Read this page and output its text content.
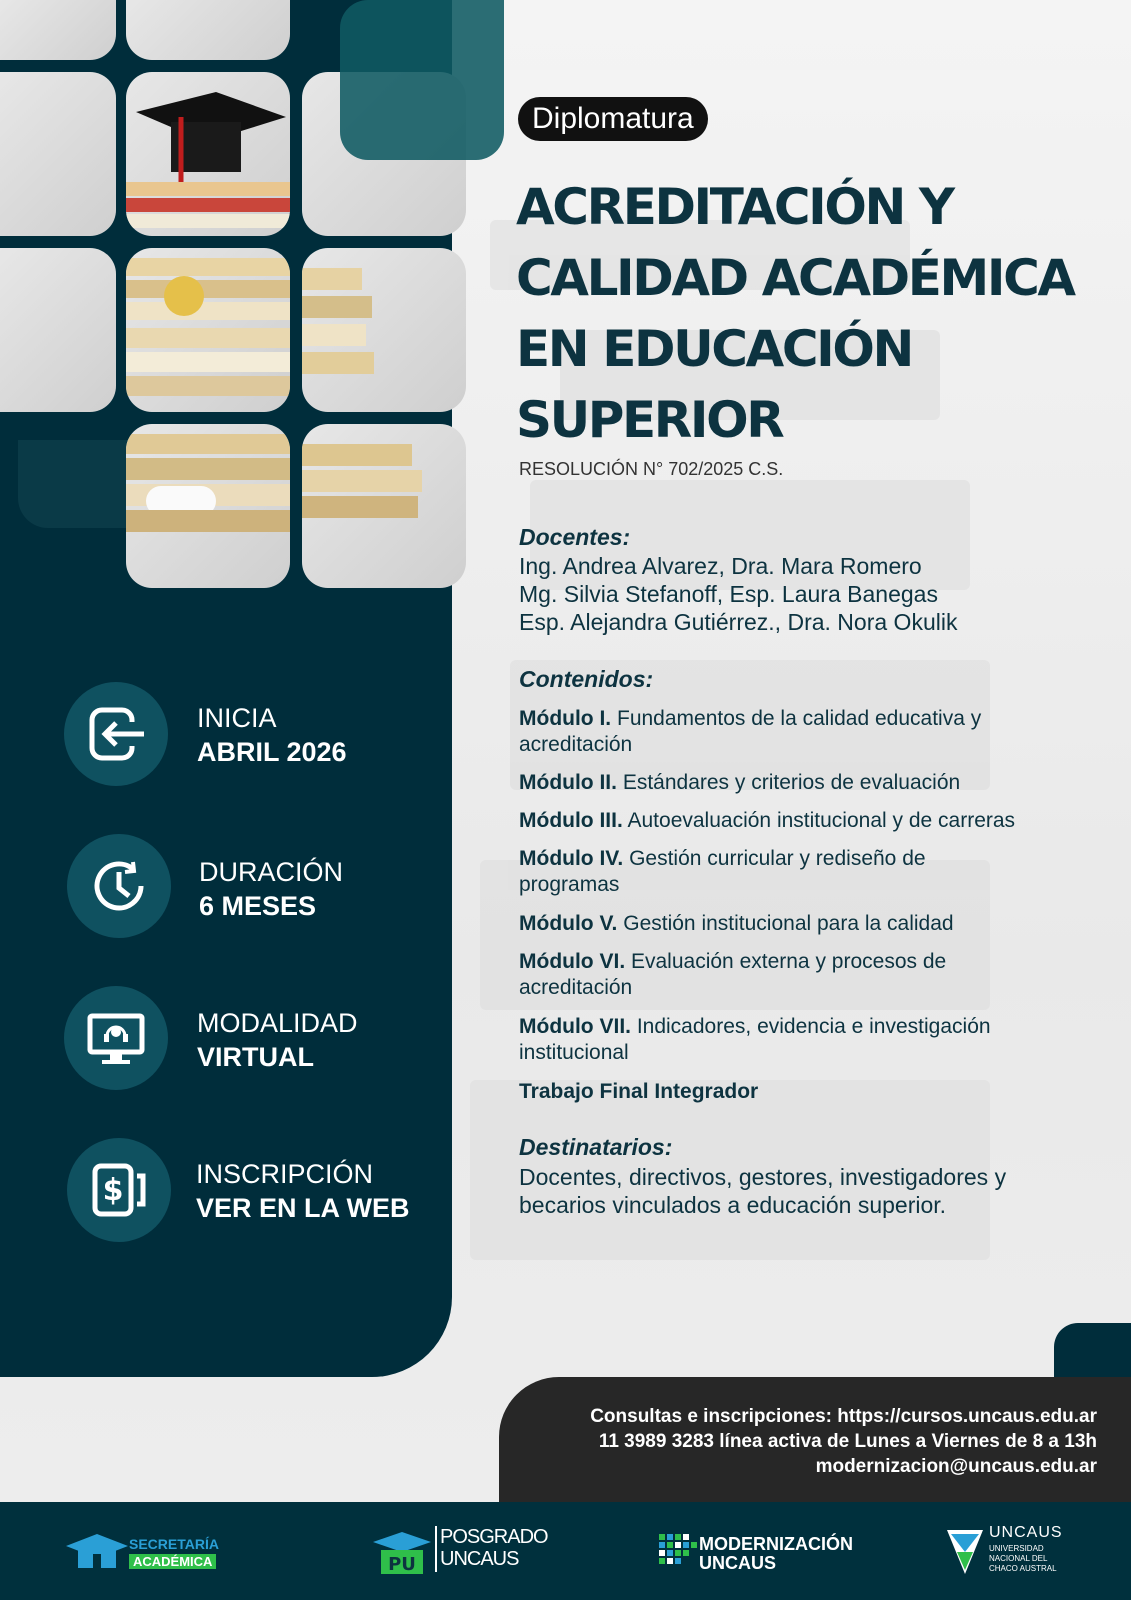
Diplomatura
ACREDITACIÓN Y
CALIDAD ACADÉMICA
EN EDUCACIÓN
SUPERIOR
RESOLUCIÓN N° 702/2025 C.S.
Docentes:
Ing. Andrea Alvarez, Dra. Mara Romero
Mg. Silvia Stefanoff, Esp. Laura Banegas
Esp. Alejandra Gutiérrez., Dra. Nora Okulik
Contenidos:
Módulo I. Fundamentos de la calidad educativa y
acreditación
Módulo II. Estándares y criterios de evaluación
Módulo III. Autoevaluación institucional y de carreras
Módulo IV. Gestión curricular y rediseño de
programas
Módulo V. Gestión institucional para la calidad
Módulo VI. Evaluación externa y procesos de
acreditación
Módulo VII. Indicadores, evidencia e investigación
institucional
Trabajo Final Integrador
Destinatarios:
Docentes, directivos, gestores, investigadores y
becarios vinculados a educación superior.
INICIA
ABRIL 2026
DURACIÓN
6 MESES
MODALIDAD
VIRTUAL
$	INSCRIPCIÓN
VER EN LA WEB
Consultas e inscripciones: https://cursos.uncaus.edu.ar
11 3989 3283 línea activa de Lunes a Viernes de 8 a 13h
modernizacion@uncaus.edu.ar
SECRETARÍA
ACADÉMICA	PU
POSGRADO
UNCAUS
MODERNIZACIÓN
UNCAUS
UNCAUS
UNIVERSIDAD
NACIONAL DEL
CHACO AUSTRAL
